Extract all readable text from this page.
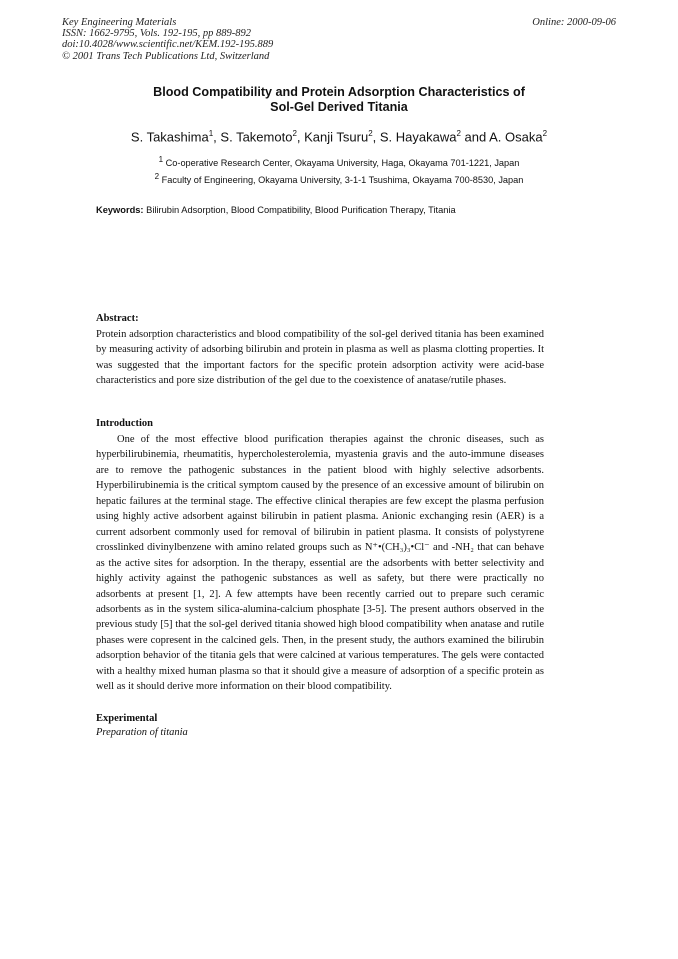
Key Engineering Materials
ISSN: 1662-9795, Vols. 192-195, pp 889-892
doi:10.4028/www.scientific.net/KEM.192-195.889
© 2001 Trans Tech Publications Ltd, Switzerland
Online: 2000-09-06
Blood Compatibility and Protein Adsorption Characteristics of
Sol-Gel Derived Titania
S. Takashima$^1$, S. Takemoto$^2$, Kanji Tsuru$^2$, S. Hayakawa$^2$ and A. Osaka$^2$
$^1$ Co-operative Research Center, Okayama University, Haga, Okayama 701-1221, Japan
$^2$ Faculty of Engineering, Okayama University, 3-1-1 Tsushima, Okayama 700-8530, Japan
Keywords: Bilirubin Adsorption, Blood Compatibility, Blood Purification Therapy, Titania
Abstract:
Protein adsorption characteristics and blood compatibility of the sol-gel derived titania has been examined by measuring activity of adsorbing bilirubin and protein in plasma as well as plasma clotting properties. It was suggested that the important factors for the specific protein adsorption activity were acid-base characteristics and pore size distribution of the gel due to the coexistence of anatase/rutile phases.
Introduction
One of the most effective blood purification therapies against the chronic diseases, such as hyperbilirubinemia, rheumatitis, hypercholesterolemia, myastenia gravis and the auto-immune diseases are to remove the pathogenic substances in the patient blood with highly selective adsorbents. Hyperbilirubinemia is the critical symptom caused by the presence of an excessive amount of bilirubin on hepatic failures at the terminal stage. The effective clinical therapies are few except the plasma perfusion using highly active adsorbent against bilirubin in patient plasma. Anionic exchanging resin (AER) is a current adsorbent commonly used for removal of bilirubin in patient plasma. It consists of polystyrene crosslinked divinylbenzene with amino related groups such as N⁺•(CH₃)₃•Cl⁻ and -NH₂ that can behave as the active sites for adsorption. In the therapy, essential are the adsorbents with better selectivity and highly activity against the pathogenic substances as well as safety, but there were practically no adsorbents at present [1, 2]. A few attempts have been recently carried out to prepare such ceramic adsorbents as in the system silica-alumina-calcium phosphate [3-5]. The present authors observed in the previous study [5] that the sol-gel derived titania showed high blood compatibility when anatase and rutile phases were copresent in the calcined gels. Then, in the present study, the authors examined the bilirubin adsorption behavior of the titania gels that were calcined at various temperatures. The gels were contacted with a healthy mixed human plasma so that it should give a measure of adsorption of a specific protein as well as it should derive more information on their blood compatibility.
Experimental
Preparation of titania
